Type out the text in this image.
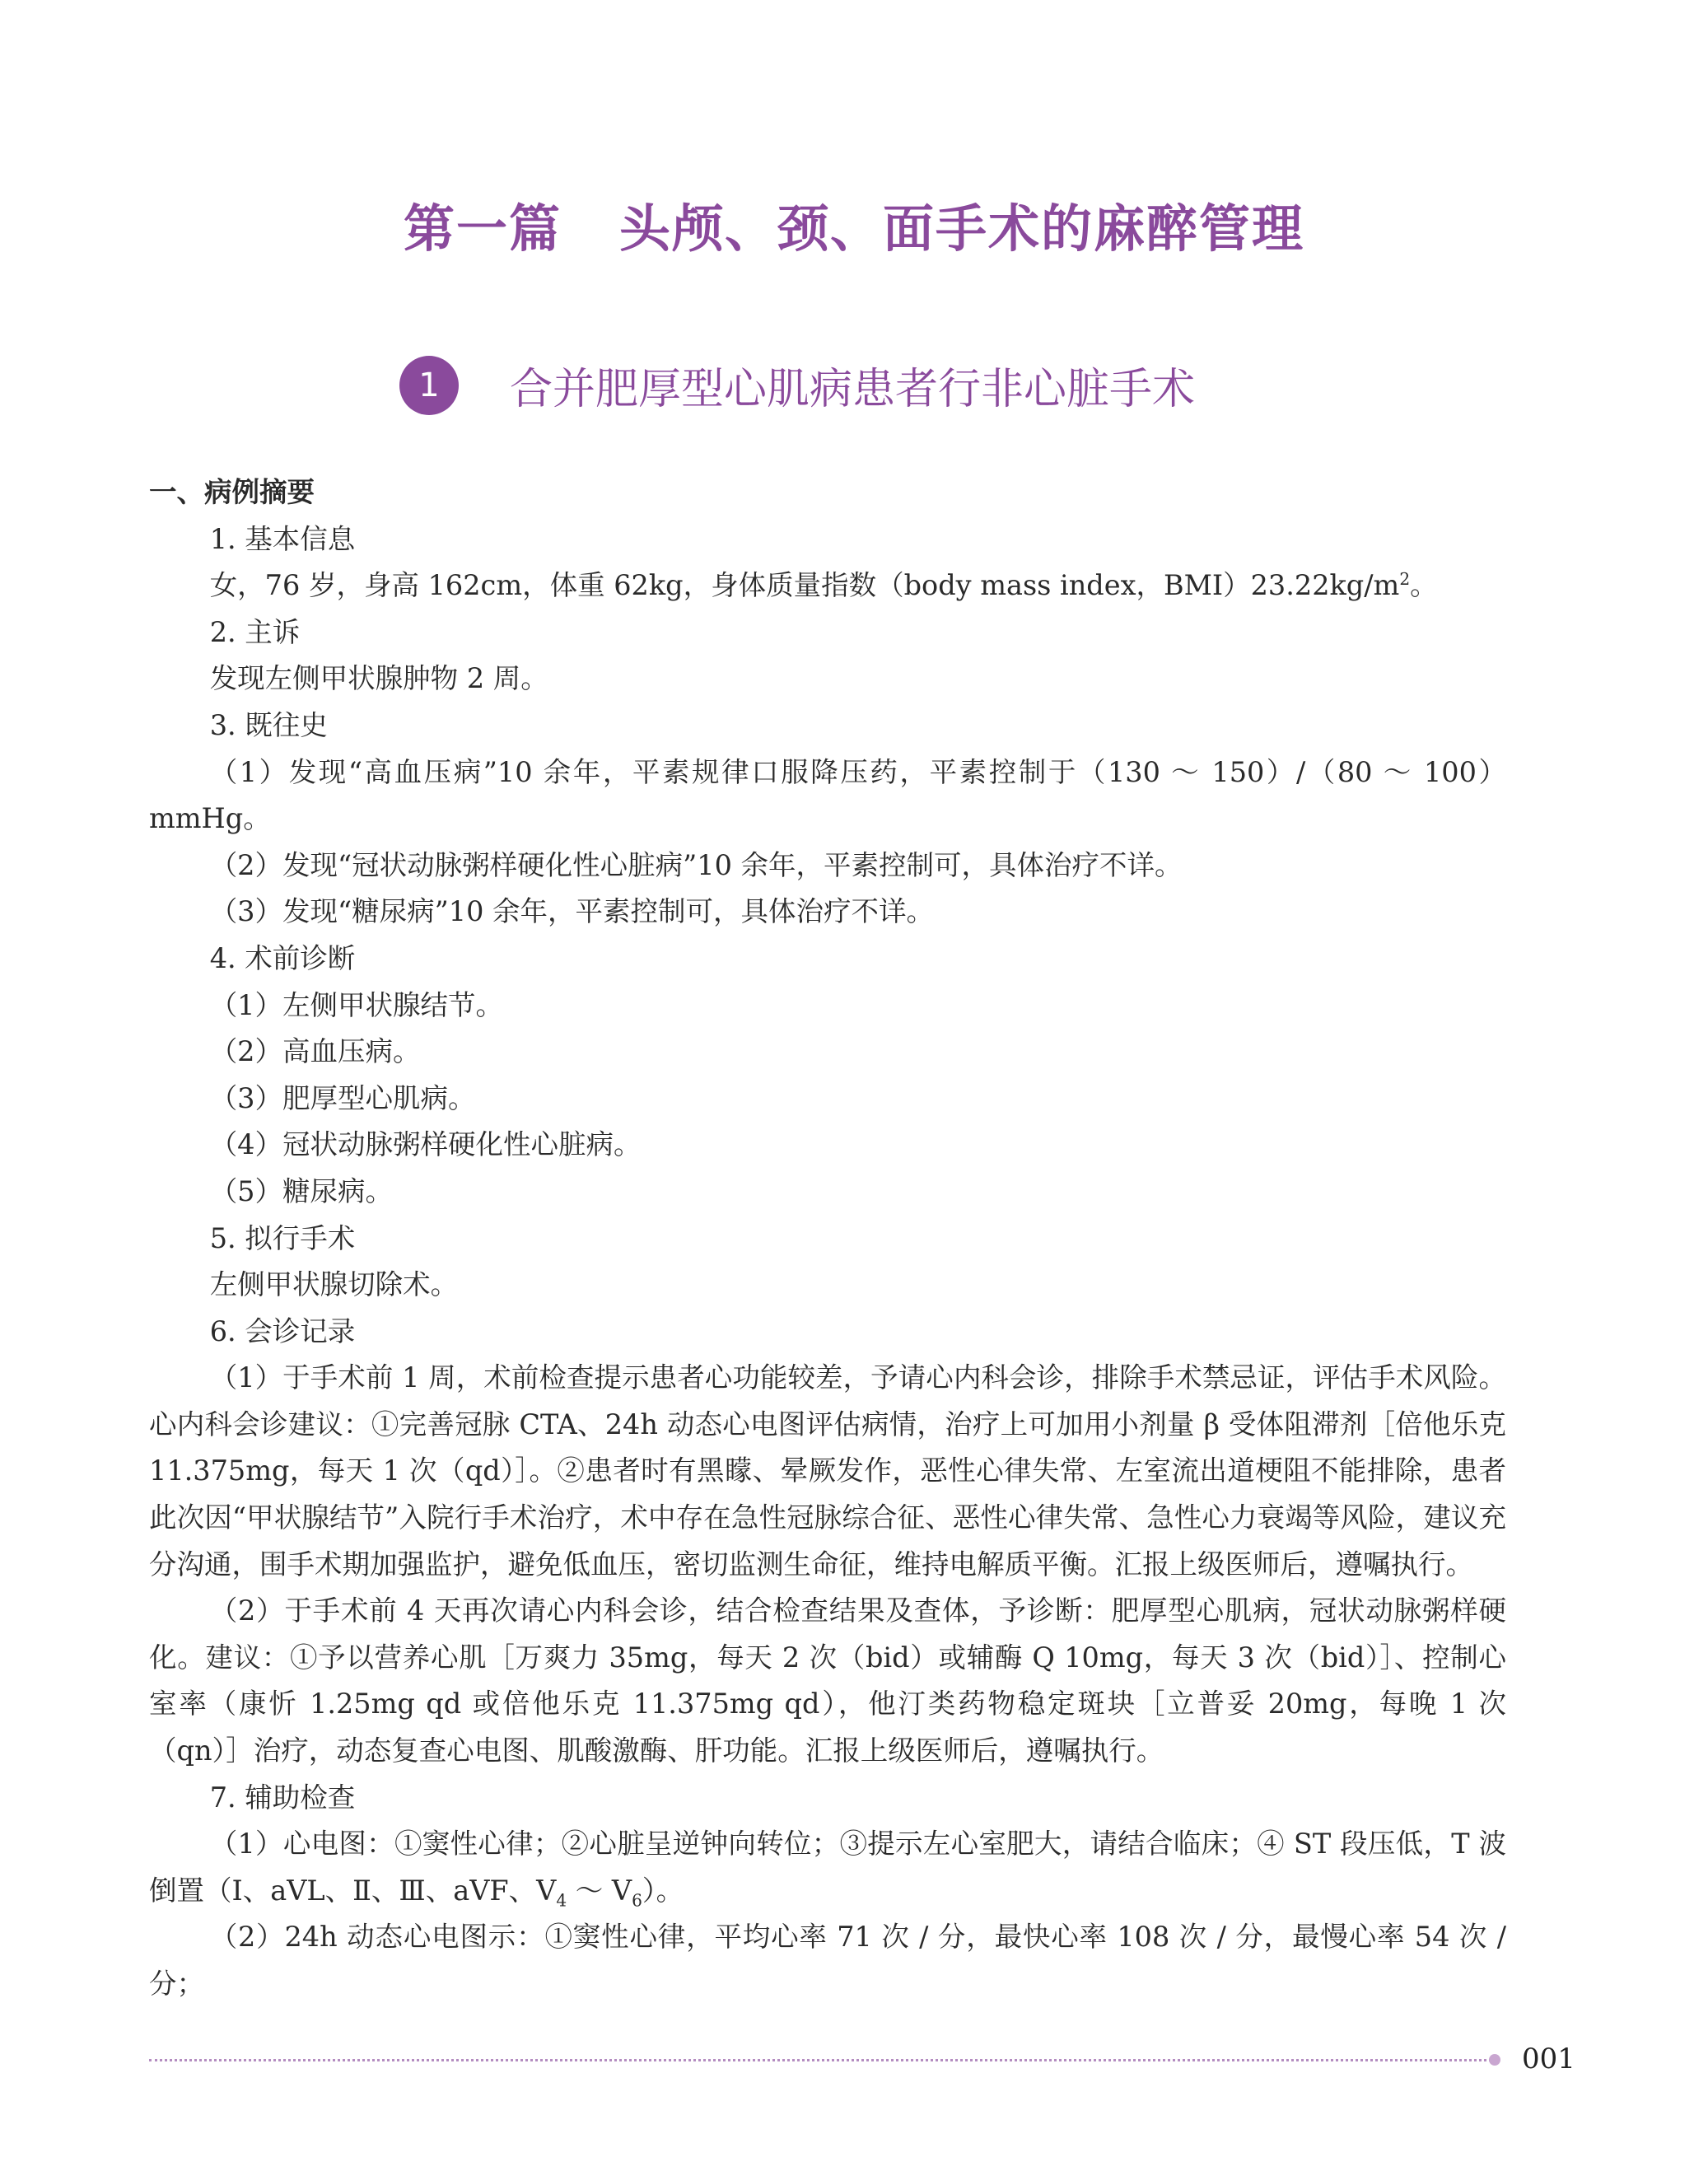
第一篇 头颅、颈、面手术的麻醉管理
1	合并肥厚型心肌病患者行非心脏手术

一、病例摘要

1. 基本信息

女，76 岁，身高 162cm，体重 62kg，身体质量指数（body mass index，$BMI)23.22kg/m^2$。

2. 主诉

发现左侧甲状腺肿物 2 周。

3. 既往史

（1）发现“高血压病”10 余年，平素规律口服降压药，平素控制于（130 ～ 150）/（80 ～ 100）mmHg。

（2）发现“冠状动脉粥样硬化性心脏病”10 余年，平素控制可，具体治疗不详。

（3）发现“糖尿病”10 余年，平素控制可，具体治疗不详。

4. 术前诊断

（1）左侧甲状腺结节。

（2）高血压病。

（3）肥厚型心肌病。

（4）冠状动脉粥样硬化性心脏病。

（5）糖尿病。

5. 拟行手术

左侧甲状腺切除术。

6. 会诊记录

（1）于手术前 1 周，术前检查提示患者心功能较差，予请心内科会诊，排除手术禁忌证，评估手术风险。心内科会诊建议：①完善冠脉 CTA、24h 动态心电图评估病情，治疗上可加用小剂量 β 受体阻滞剂［倍他乐克 11.375mg，每天 1 次（qd）］。②患者时有黑矇、晕厥发作，恶性心律失常、左室流出道梗阻不能排除，患者此次因“甲状腺结节”入院行手术治疗，术中存在急性冠脉综合征、恶性心律失常、急性心力衰竭等风险，建议充分沟通，围手术期加强监护，避免低血压，密切监测生命征，维持电解质平衡。汇报上级医师后，遵嘱执行。

（2）于手术前 4 天再次请心内科会诊，结合检查结果及查体，予诊断：肥厚型心肌病，冠状动脉粥样硬化。建议：①予以营养心肌［万爽力 35mg，每天 2 次（bid）或辅酶 Q 10mg，每天 3 次（bid）］、控制心室率（康忻 1.25mg qd 或倍他乐克 11.375mg qd），他汀类药物稳定斑块［立普妥 20mg，每晚 1 次（qn）］治疗，动态复查心电图、肌酸激酶、肝功能。汇报上级医师后，遵嘱执行。

7. 辅助检查

（1）心电图：①窦性心律；②心脏呈逆钟向转位；③提示左心室肥大，请结合临床；④ ST 段压低，T 波倒置（Ⅰ、aVL、Ⅱ、Ⅲ、aVF、$V_4$ ～ $V_6$）。

（2）24h 动态心电图示：①窦性心律，平均心率 71 次 / 分，最快心率 108 次 / 分，最慢心率 54 次 / 分；

001
